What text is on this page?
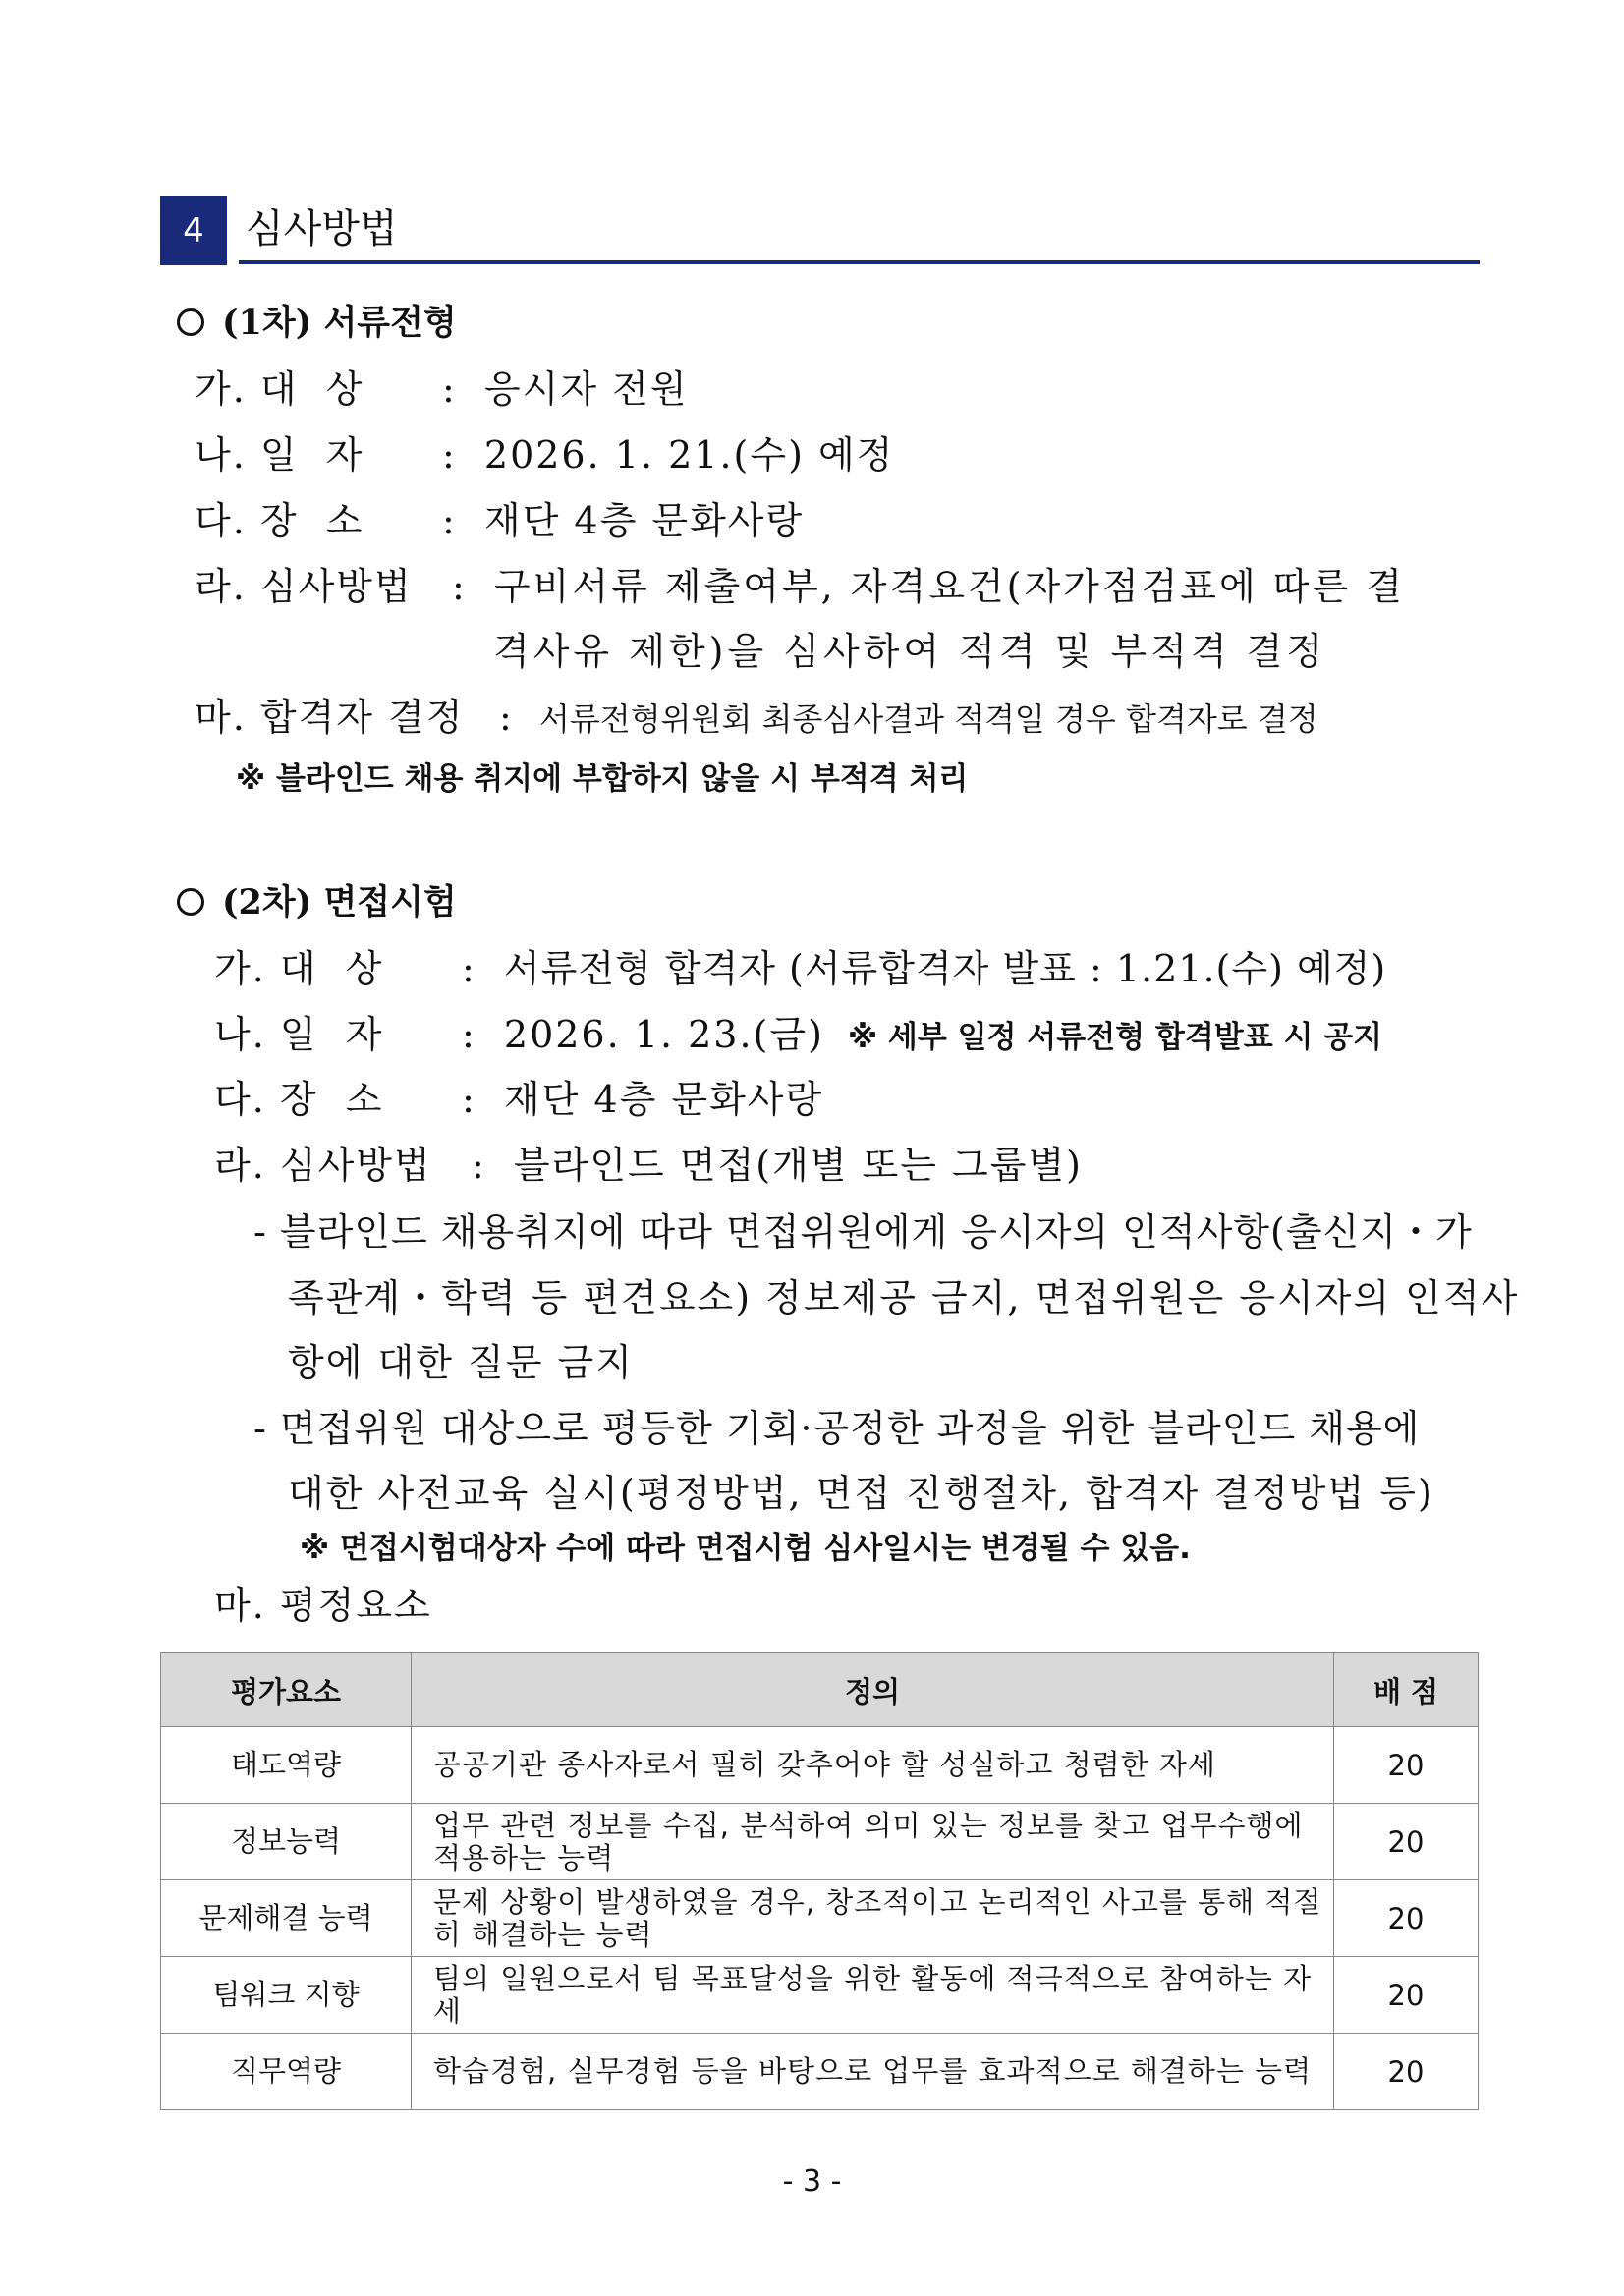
4	심사방법
(1차) 서류전형
가. 대  상 : 응시자 전원
나. 일  자 : 2026. 1. 21.(수) 예정
다. 장  소 : 재단 4층 문화사랑
라. 심사방법 : 구비서류 제출여부, 자격요건(자가점검표에 따른 결
격사유 제한)을 심사하여 적격 및 부적격 결정
마. 합격자 결정 : 서류전형위원회 최종심사결과 적격일 경우 합격자로 결정
※ 블라인드 채용 취지에 부합하지 않을 시 부적격 처리
(2차) 면접시험
가. 대  상 : 서류전형 합격자 (서류합격자 발표 : 1.21.(수) 예정)
나. 일  자 : 2026. 1. 23.(금) ※ 세부 일정 서류전형 합격발표 시 공지
다. 장  소 : 재단 4층 문화사랑
라. 심사방법 : 블라인드 면접(개별 또는 그룹별)
- 블라인드 채용취지에 따라 면접위원에게 응시자의 인적사항(출신지・가
족관계・학력 등 편견요소) 정보제공 금지, 면접위원은 응시자의 인적사
항에 대한 질문 금지
- 면접위원 대상으로 평등한 기회·공정한 과정을 위한 블라인드 채용에
대한 사전교육 실시(평정방법, 면접 진행절차, 합격자 결정방법 등)
※ 면접시험대상자 수에 따라 면접시험 심사일시는 변경될 수 있음.
마. 평정요소
평가요소	정의	배 점
태도역량	공공기관 종사자로서 필히 갖추어야 할 성실하고 청렴한 자세	20
정보능력	업무 관련 정보를 수집, 분석하여 의미 있는 정보를 찾고 업무수행에 적용하는 능력	20
문제해결 능력	문제 상황이 발생하였을 경우, 창조적이고 논리적인 사고를 통해 적절히 해결하는 능력	20
팀워크 지향	팀의 일원으로서 팀 목표달성을 위한 활동에 적극적으로 참여하는 자세	20
직무역량	학습경험, 실무경험 등을 바탕으로 업무를 효과적으로 해결하는 능력	20
- 3 -
